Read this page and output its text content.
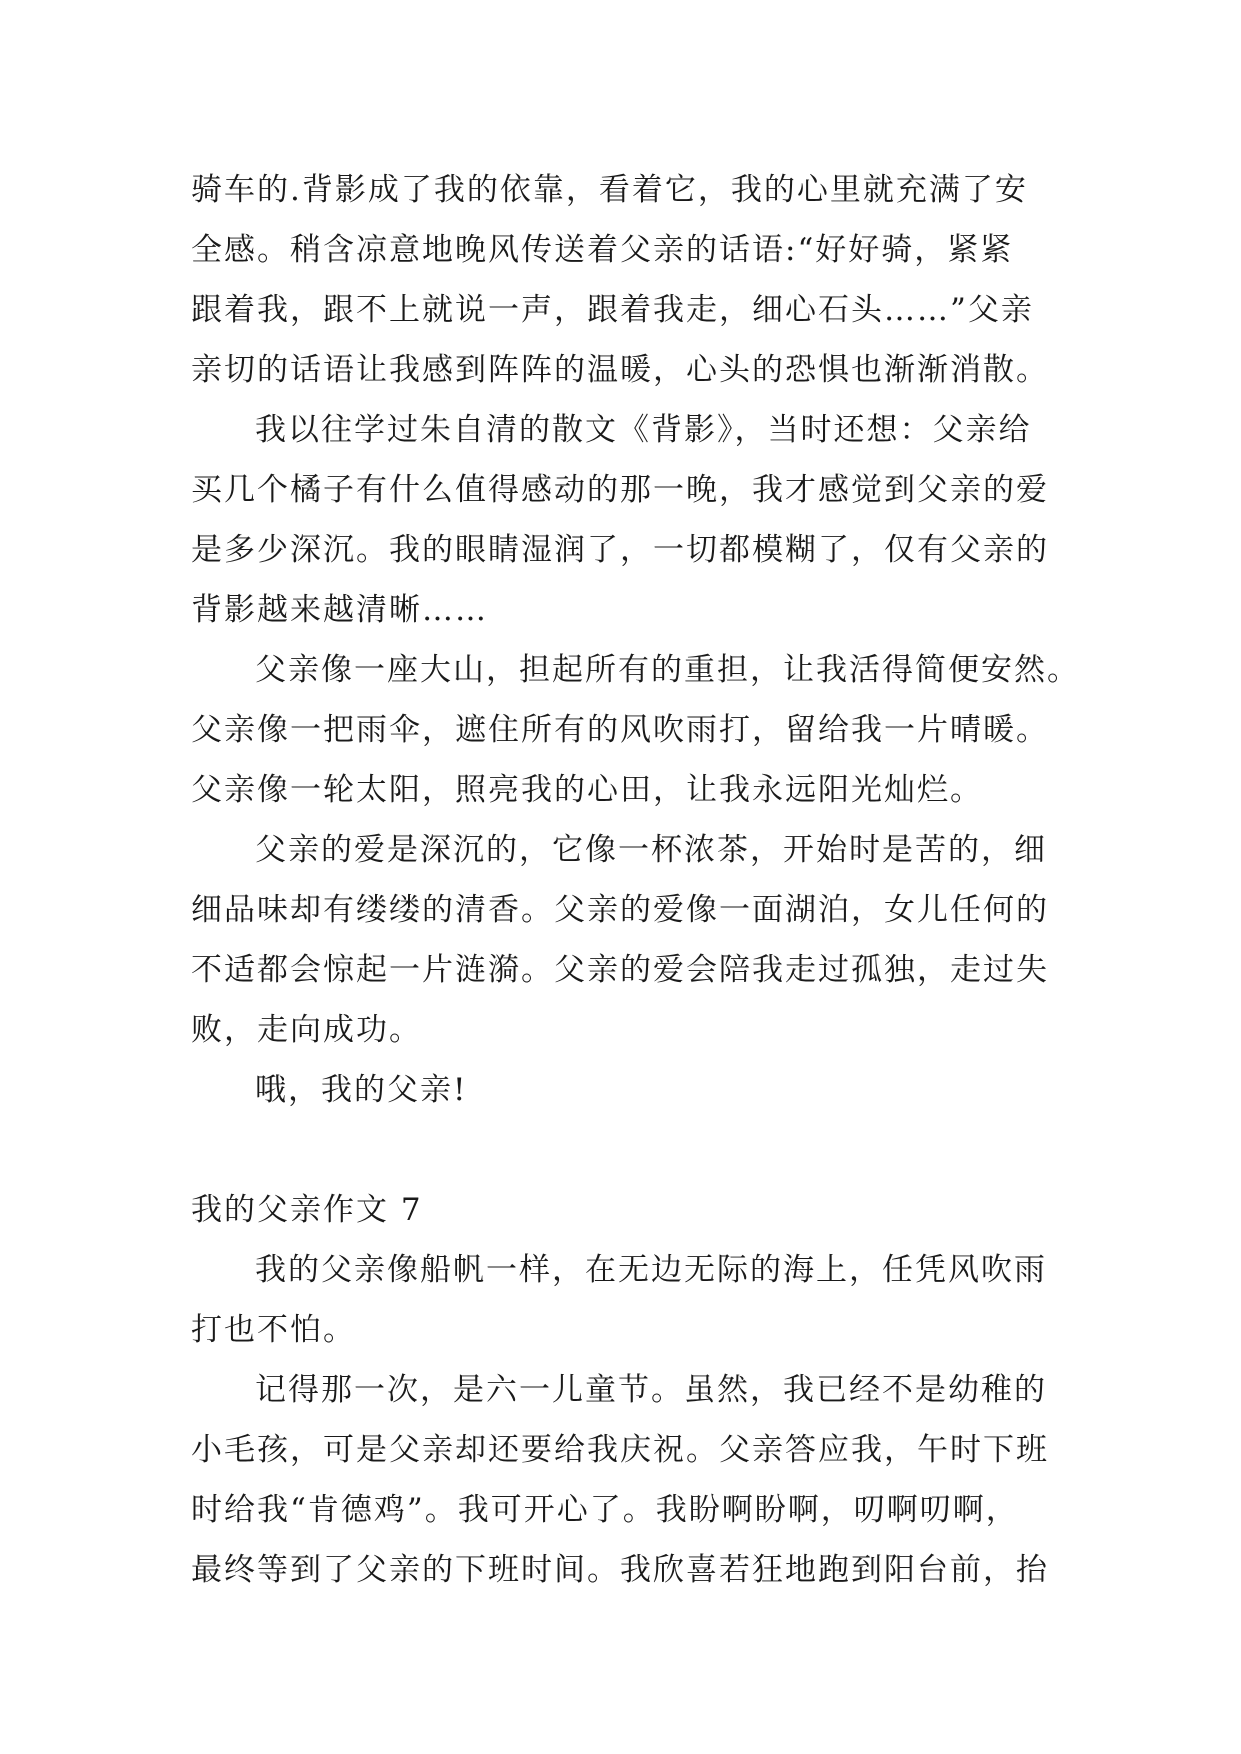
骑车的.背影成了我的依靠，看着它，我的心里就充满了安
全感。稍含凉意地晚风传送着父亲的话语:“好好骑，紧紧
跟着我，跟不上就说一声，跟着我走，细心石头……”父亲
亲切的话语让我感到阵阵的温暖，心头的恐惧也渐渐消散。
我以往学过朱自清的散文《背影》，当时还想：父亲给
买几个橘子有什么值得感动的那一晚，我才感觉到父亲的爱
是多少深沉。我的眼睛湿润了，一切都模糊了，仅有父亲的
背影越来越清晰……
父亲像一座大山，担起所有的重担，让我活得简便安然。
父亲像一把雨伞，遮住所有的风吹雨打，留给我一片晴暖。
父亲像一轮太阳，照亮我的心田，让我永远阳光灿烂。
父亲的爱是深沉的，它像一杯浓茶，开始时是苦的，细
细品味却有缕缕的清香。父亲的爱像一面湖泊，女儿任何的
不适都会惊起一片涟漪。父亲的爱会陪我走过孤独，走过失
败，走向成功。
哦，我的父亲!
我的父亲作文 7
我的父亲像船帆一样，在无边无际的海上，任凭风吹雨
打也不怕。
记得那一次，是六一儿童节。虽然，我已经不是幼稚的
小毛孩，可是父亲却还要给我庆祝。父亲答应我，午时下班
时给我“肯德鸡”。我可开心了。我盼啊盼啊，叨啊叨啊，
最终等到了父亲的下班时间。我欣喜若狂地跑到阳台前，抬
